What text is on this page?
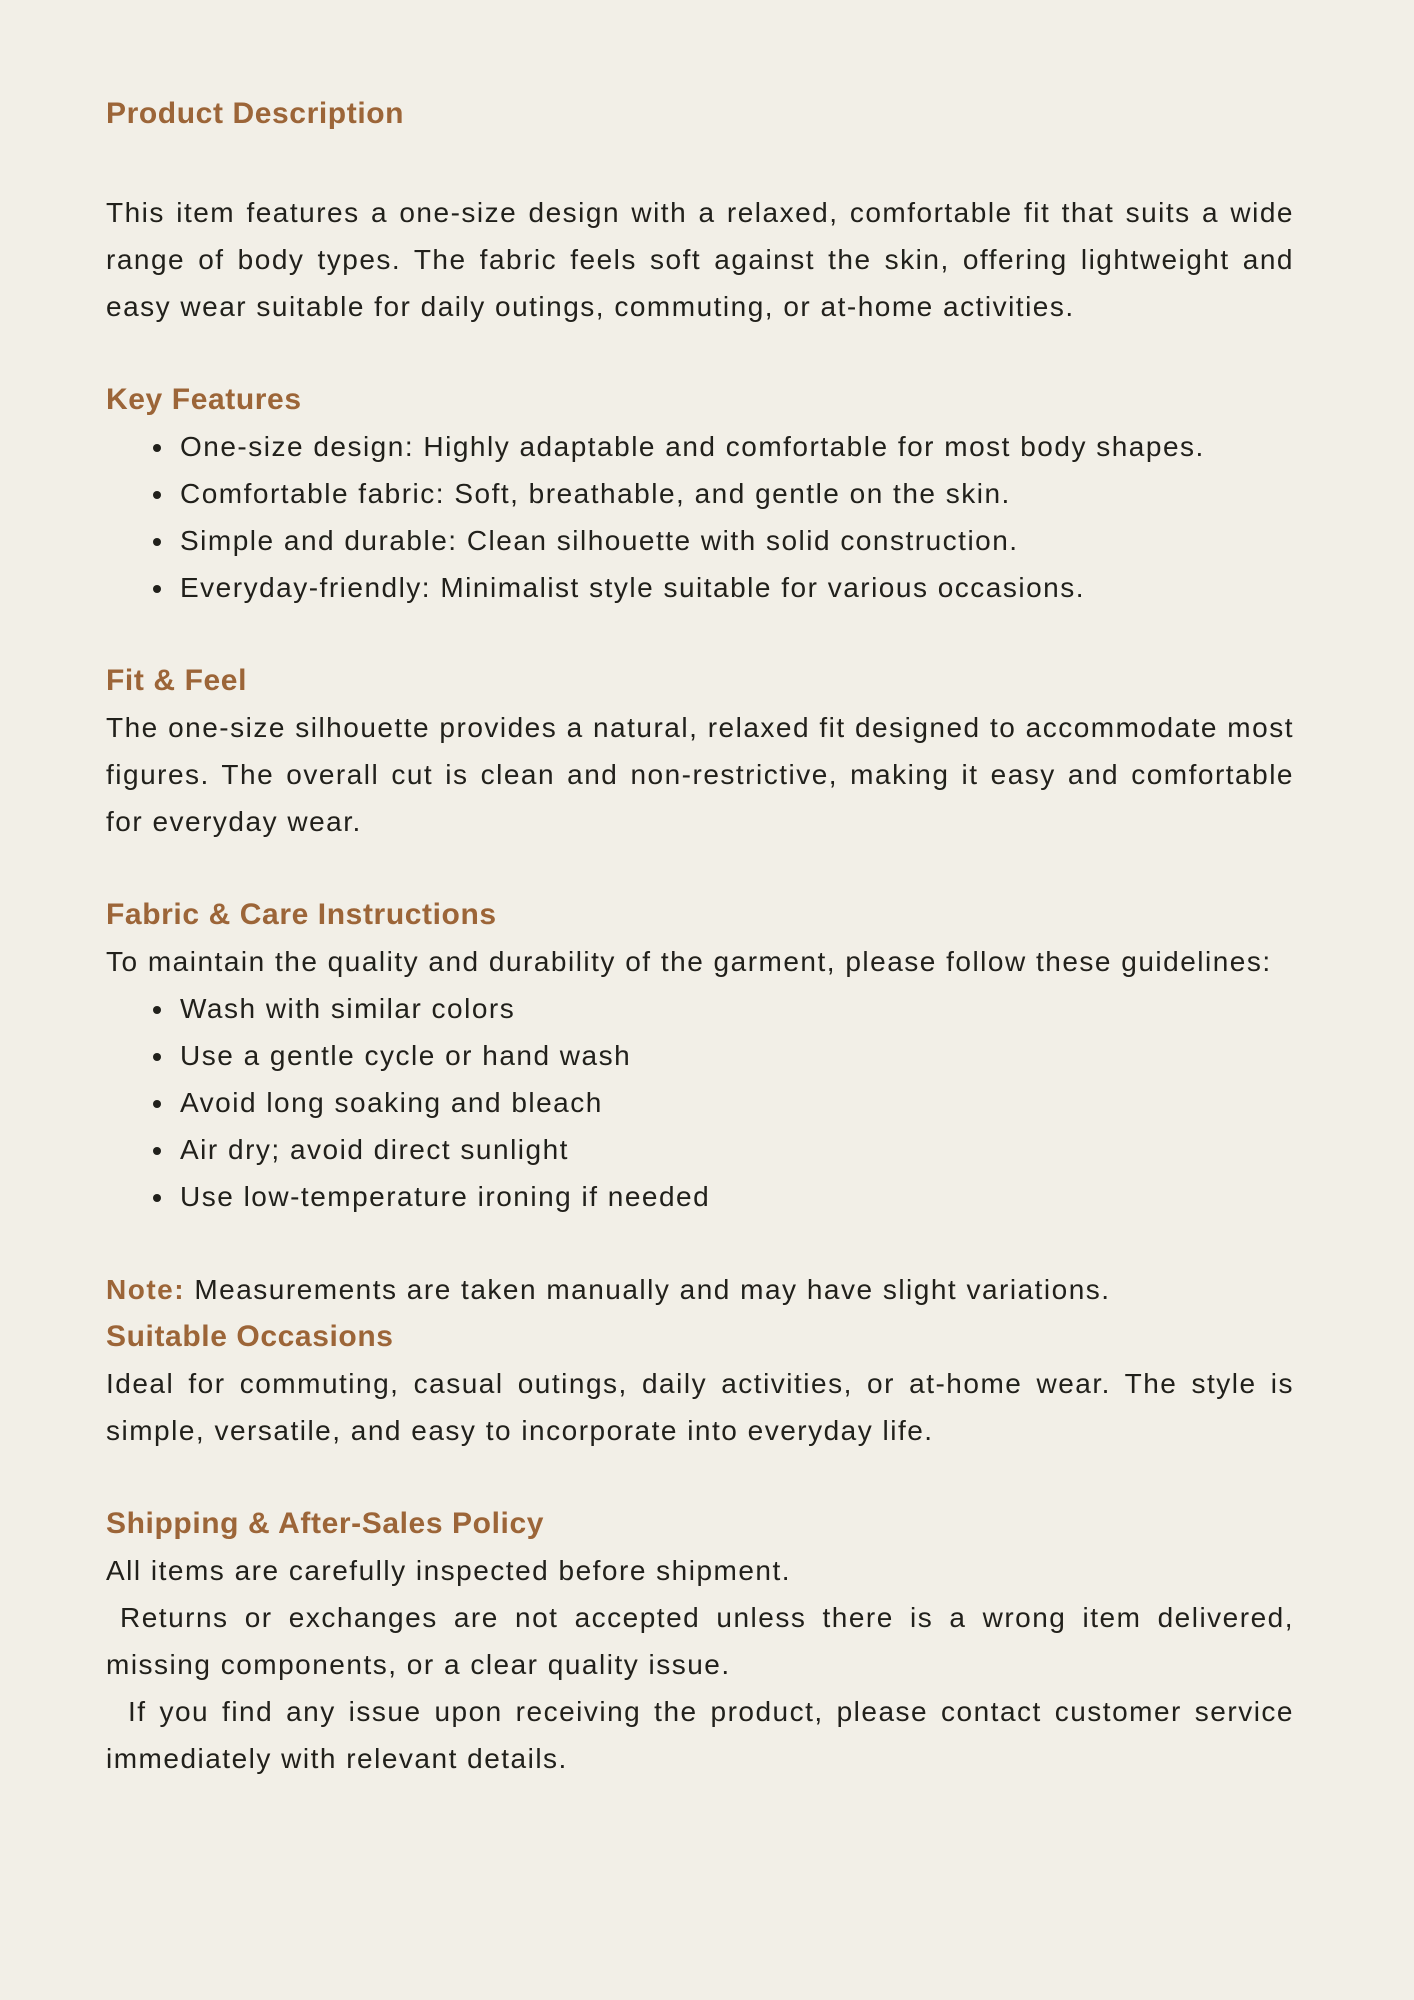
Product Description

This item features a one-size design with a relaxed, comfortable fit that suits a wide range of body types. The fabric feels soft against the skin, offering lightweight and easy wear suitable for daily outings, commuting, or at-home activities.

Key Features
• One-size design: Highly adaptable and comfortable for most body shapes.
• Comfortable fabric: Soft, breathable, and gentle on the skin.
• Simple and durable: Clean silhouette with solid construction.
• Everyday-friendly: Minimalist style suitable for various occasions.
Fit & Feel

The one-size silhouette provides a natural, relaxed fit designed to accommodate most figures. The overall cut is clean and non-restrictive, making it easy and comfortable for everyday wear.

Fabric & Care Instructions

To maintain the quality and durability of the garment, please follow these guidelines:

• Wash with similar colors
• Use a gentle cycle or hand wash
• Avoid long soaking and bleach
• Air dry; avoid direct sunlight
• Use low-temperature ironing if needed

Note: Measurements are taken manually and may have slight variations.

Suitable Occasions

Ideal for commuting, casual outings, daily activities, or at-home wear. The style is simple, versatile, and easy to incorporate into everyday life.

Shipping & After-Sales Policy

All items are carefully inspected before shipment.

Returns or exchanges are not accepted unless there is a wrong item delivered, missing components, or a clear quality issue.

If you find any issue upon receiving the product, please contact customer service immediately with relevant details.
